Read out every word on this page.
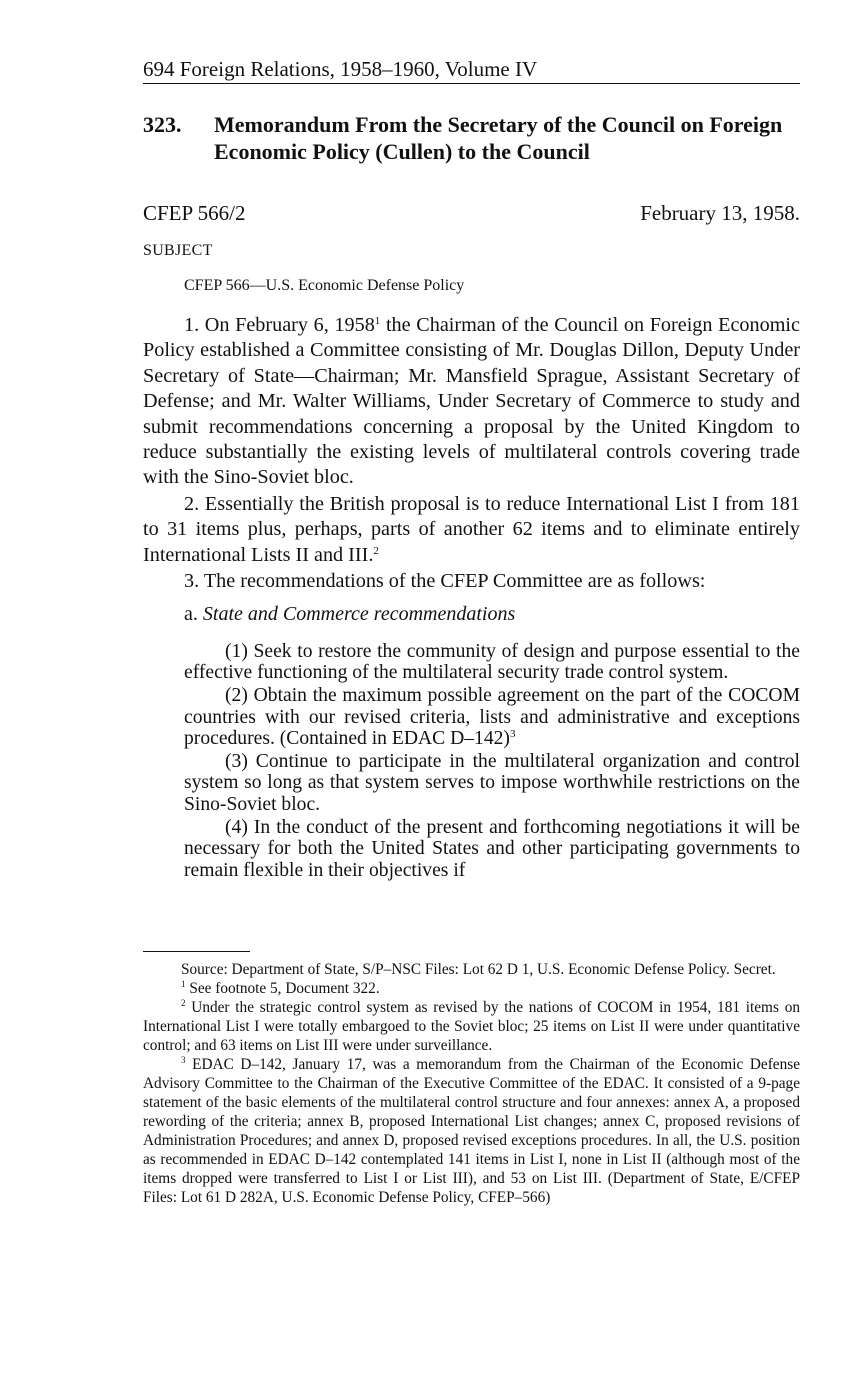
694 Foreign Relations, 1958–1960, Volume IV
323. Memorandum From the Secretary of the Council on Foreign Economic Policy (Cullen) to the Council
CFEP 566/2	February 13, 1958.
SUBJECT
CFEP 566—U.S. Economic Defense Policy

1. On February 6, 1958$^1$ the Chairman of the Council on Foreign Economic Policy established a Committee consisting of Mr. Douglas Dillon, Deputy Under Secretary of State—Chairman; Mr. Mansfield Sprague, Assistant Secretary of Defense; and Mr. Walter Williams, Under Secretary of Commerce to study and submit recommendations concerning a proposal by the United Kingdom to reduce substantially the existing levels of multilateral controls covering trade with the Sino-Soviet bloc.

2. Essentially the British proposal is to reduce International List I from 181 to 31 items plus, perhaps, parts of another 62 items and to eliminate entirely International Lists II and III.$^2$

3. The recommendations of the CFEP Committee are as follows:

a. State and Commerce recommendations

(1) Seek to restore the community of design and purpose essential to the effective functioning of the multilateral security trade control system.

(2) Obtain the maximum possible agreement on the part of the COCOM countries with our revised criteria, lists and administrative and exceptions procedures. (Contained in EDAC D–142)$^3$

(3) Continue to participate in the multilateral organization and control system so long as that system serves to impose worthwhile restrictions on the Sino-Soviet bloc.

(4) In the conduct of the present and forthcoming negotiations it will be necessary for both the United States and other participating governments to remain flexible in their objectives if

Source: Department of State, S/P–NSC Files: Lot 62 D 1, U.S. Economic Defense Policy. Secret.

$^1$ See footnote 5, Document 322.

$^2$ Under the strategic control system as revised by the nations of COCOM in 1954, 181 items on International List I were totally embargoed to the Soviet bloc; 25 items on List II were under quantitative control; and 63 items on List III were under surveillance.

$^3$ EDAC D–142, January 17, was a memorandum from the Chairman of the Economic Defense Advisory Committee to the Chairman of the Executive Committee of the EDAC. It consisted of a 9-page statement of the basic elements of the multilateral control structure and four annexes: annex A, a proposed rewording of the criteria; annex B, proposed International List changes; annex C, proposed revisions of Administration Procedures; and annex D, proposed revised exceptions procedures. In all, the U.S. position as recommended in EDAC D–142 contemplated 141 items in List I, none in List II (although most of the items dropped were transferred to List I or List III), and 53 on List III. (Department of State, E/CFEP Files: Lot 61 D 282A, U.S. Economic Defense Policy, CFEP–566)
